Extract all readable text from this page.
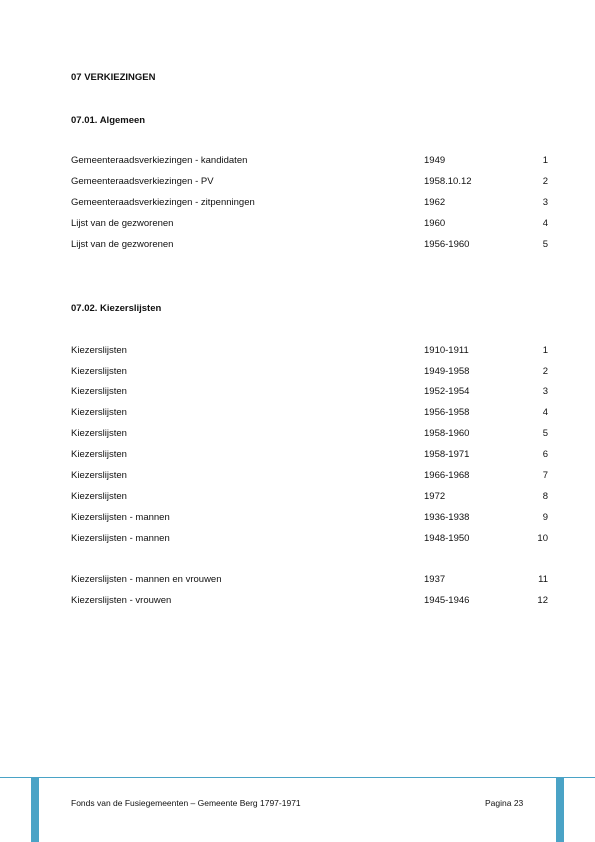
07 VERKIEZINGEN
07.01. Algemeen
Gemeenteraadsverkiezingen - kandidaten	1949	1
Gemeenteraadsverkiezingen - PV	1958.10.12	2
Gemeenteraadsverkiezingen - zitpenningen	1962	3
Lijst van de gezworenen	1960	4
Lijst van de gezworenen	1956-1960	5
07.02. Kiezerslijsten
Kiezerslijsten	1910-1911	1
Kiezerslijsten	1949-1958	2
Kiezerslijsten	1952-1954	3
Kiezerslijsten	1956-1958	4
Kiezerslijsten	1958-1960	5
Kiezerslijsten	1958-1971	6
Kiezerslijsten	1966-1968	7
Kiezerslijsten	1972	8
Kiezerslijsten - mannen	1936-1938	9
Kiezerslijsten - mannen	1948-1950	10
Kiezerslijsten - mannen en vrouwen	1937	11
Kiezerslijsten - vrouwen	1945-1946	12
Fonds van de Fusiegemeenten – Gemeente Berg 1797-1971	Pagina 23
